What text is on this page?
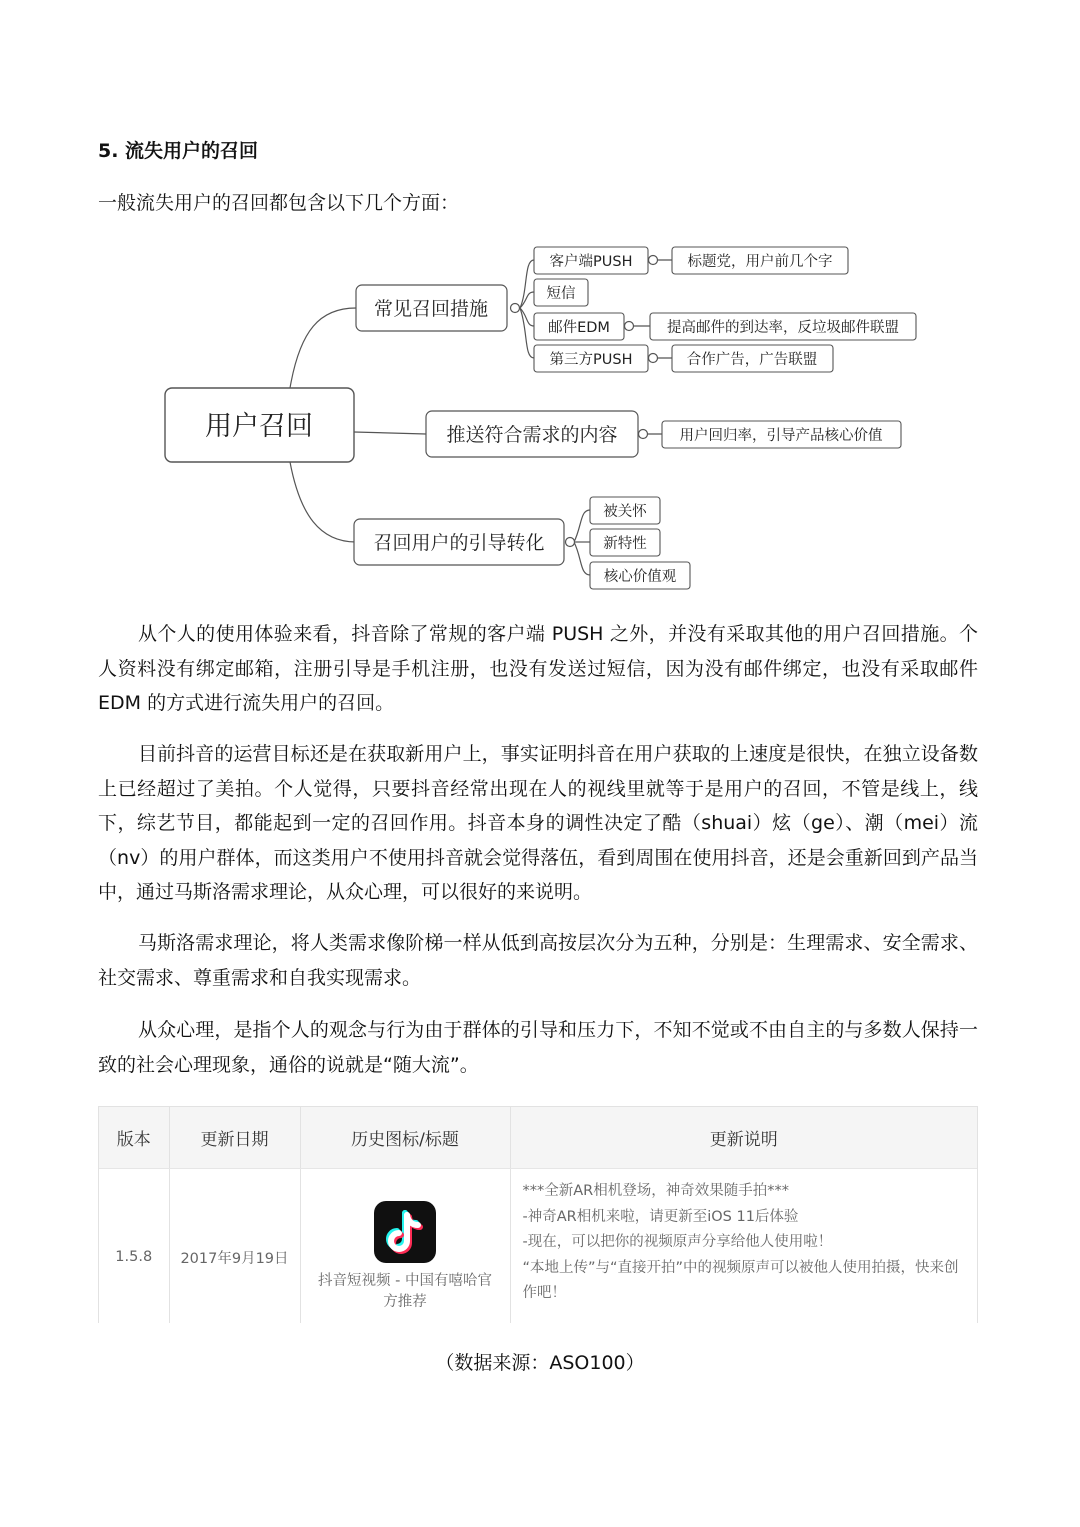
5. 流失用户的召回
一般流失用户的召回都包含以下几个方面：
用户召回
常见召回措施
客户端PUSH	标题党，用户前几个字
短信
邮件EDM	提高邮件的到达率，反垃圾邮件联盟
第三方PUSH	合作广告，广告联盟
推送符合需求的内容	用户回归率，引导产品核心价值
召回用户的引导转化
被关怀
新特性
核心价值观

从个人的使用体验来看，抖音除了常规的客户端 PUSH 之外，并没有采取其他的用户召回措施。个人资料没有绑定邮箱，注册引导是手机注册，也没有发送过短信，因为没有邮件绑定，也没有采取邮件 EDM 的方式进行流失用户的召回。

目前抖音的运营目标还是在获取新用户上，事实证明抖音在用户获取的上速度是很快，在独立设备数上已经超过了美拍。个人觉得，只要抖音经常出现在人的视线里就等于是用户的召回，不管是线上，线下，综艺节目，都能起到一定的召回作用。抖音本身的调性决定了酷（shuai）炫（ge）、潮（mei）流（nv）的用户群体，而这类用户不使用抖音就会觉得落伍，看到周围在使用抖音，还是会重新回到产品当中，通过马斯洛需求理论，从众心理，可以很好的来说明。

马斯洛需求理论，将人类需求像阶梯一样从低到高按层次分为五种，分别是：生理需求、安全需求、社交需求、尊重需求和自我实现需求。

从众心理，是指个人的观念与行为由于群体的引导和压力下，不知不觉或不由自主的与多数人保持一致的社会心理现象，通俗的说就是“随大流”。

版本	更新日期	历史图标/标题	更新说明
1.5.8	2017年9月19日	抖音短视频 - 中国有嘻哈官方推荐	***全新AR相机登场，神奇效果随手拍***
-神奇AR相机来啦，请更新至iOS 11后体验
-现在，可以把你的视频原声分享给他人使用啦！
“本地上传”与“直接开拍”中的视频原声可以被他人使用拍摄，快来创作吧！
（数据来源：ASO100）
